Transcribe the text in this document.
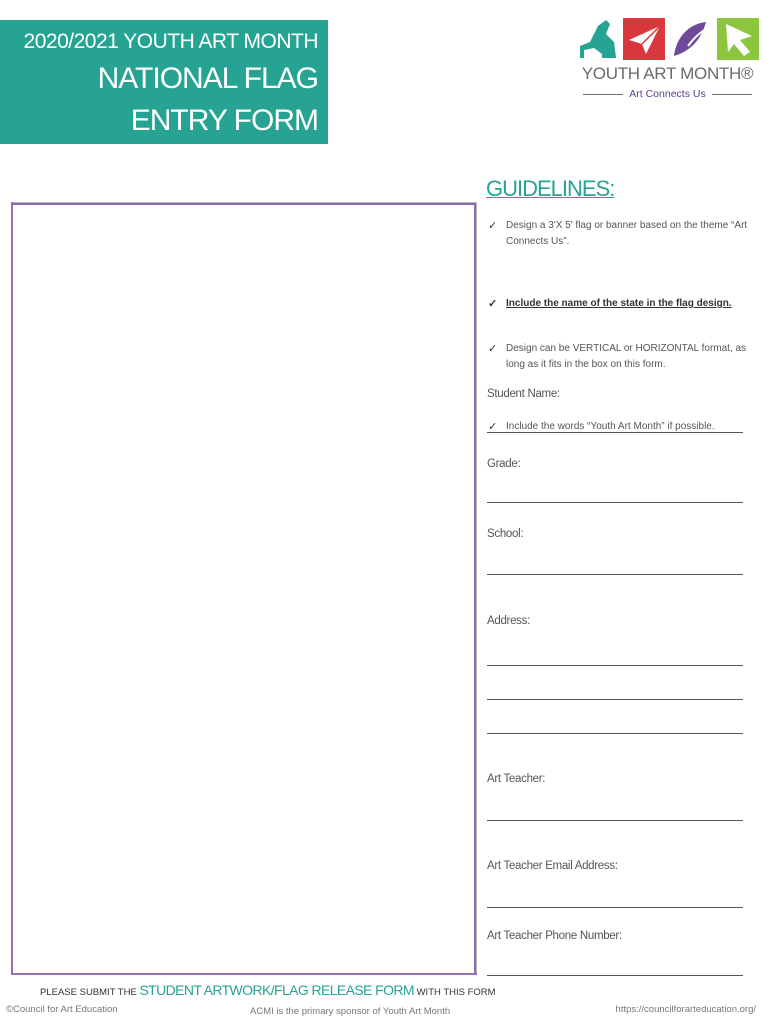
2020/2021 YOUTH ART MONTH
NATIONAL FLAG
ENTRY FORM
YOUTH ART MONTH®
Art Connects Us
GUIDELINES:
✓ Design a 3'X 5' flag or banner based on the theme “Art Connects Us”.
✓ Include the name of the state in the flag design.
✓ Design can be VERTICAL or HORIZONTAL format, as long as it fits in the box on this form.
✓ Include the words “Youth Art Month” if possible.
Student Name:
Grade:
School:
Address:
Art Teacher:
Art Teacher Email Address:
Art Teacher Phone Number:
PLEASE SUBMIT THE STUDENT ARTWORK/FLAG RELEASE FORM WITH THIS FORM
©Council for Art Education	ACMI is the primary sponsor of Youth Art Month	https://councilforarteducation.org/
